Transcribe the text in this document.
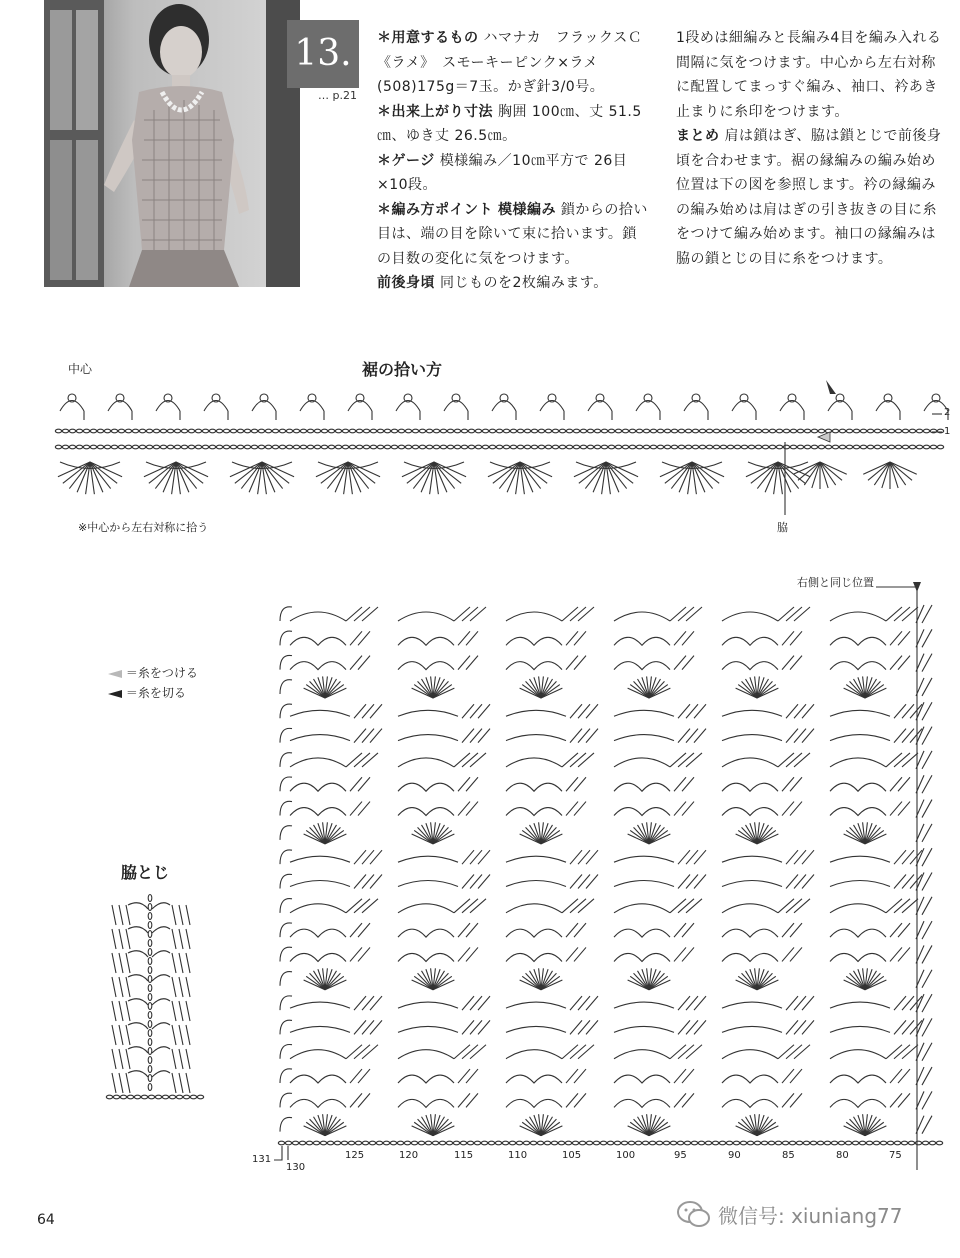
13.
… p.21
＊用意するもの ハマナカ　フラックスＣ《ラメ》　スモーキーピンク×ラメ(508)175g＝7玉。かぎ針3/0号。
＊出来上がり寸法 胸囲 100㎝、丈 51.5㎝、ゆき丈 26.5㎝。
＊ゲージ 模様編み／10㎝平方で 26目×10段。
＊編み方ポイント 模様編み 鎖からの拾い目は、端の目を除いて束に拾います。鎖の目数の変化に気をつけます。
前後身頃 同じものを2枚編みます。
1段めは細編みと長編み4目を編み入れる間隔に気をつけます。中心から左右対称に配置してまっすぐ編み、袖口、衿あき止まりに糸印をつけます。
まとめ 肩は鎖はぎ、脇は鎖とじで前後身頃を合わせます。裾の縁編みの編み始め位置は下の図を参照します。衿の縁編みの編み始めは肩はぎの引き抜きの目に糸をつけて編み始めます。袖口の縁編みは脇の鎖とじの目に糸をつけます。
裾の拾い方
中心
2
1
脇
※中心から左右対称に拾う
＝糸をつける
＝糸を切る
脇とじ
右側と同じ位置
131
130
125	120	115	110	105	100	95	90	85	80	75
64	微信号: xiuniang77
